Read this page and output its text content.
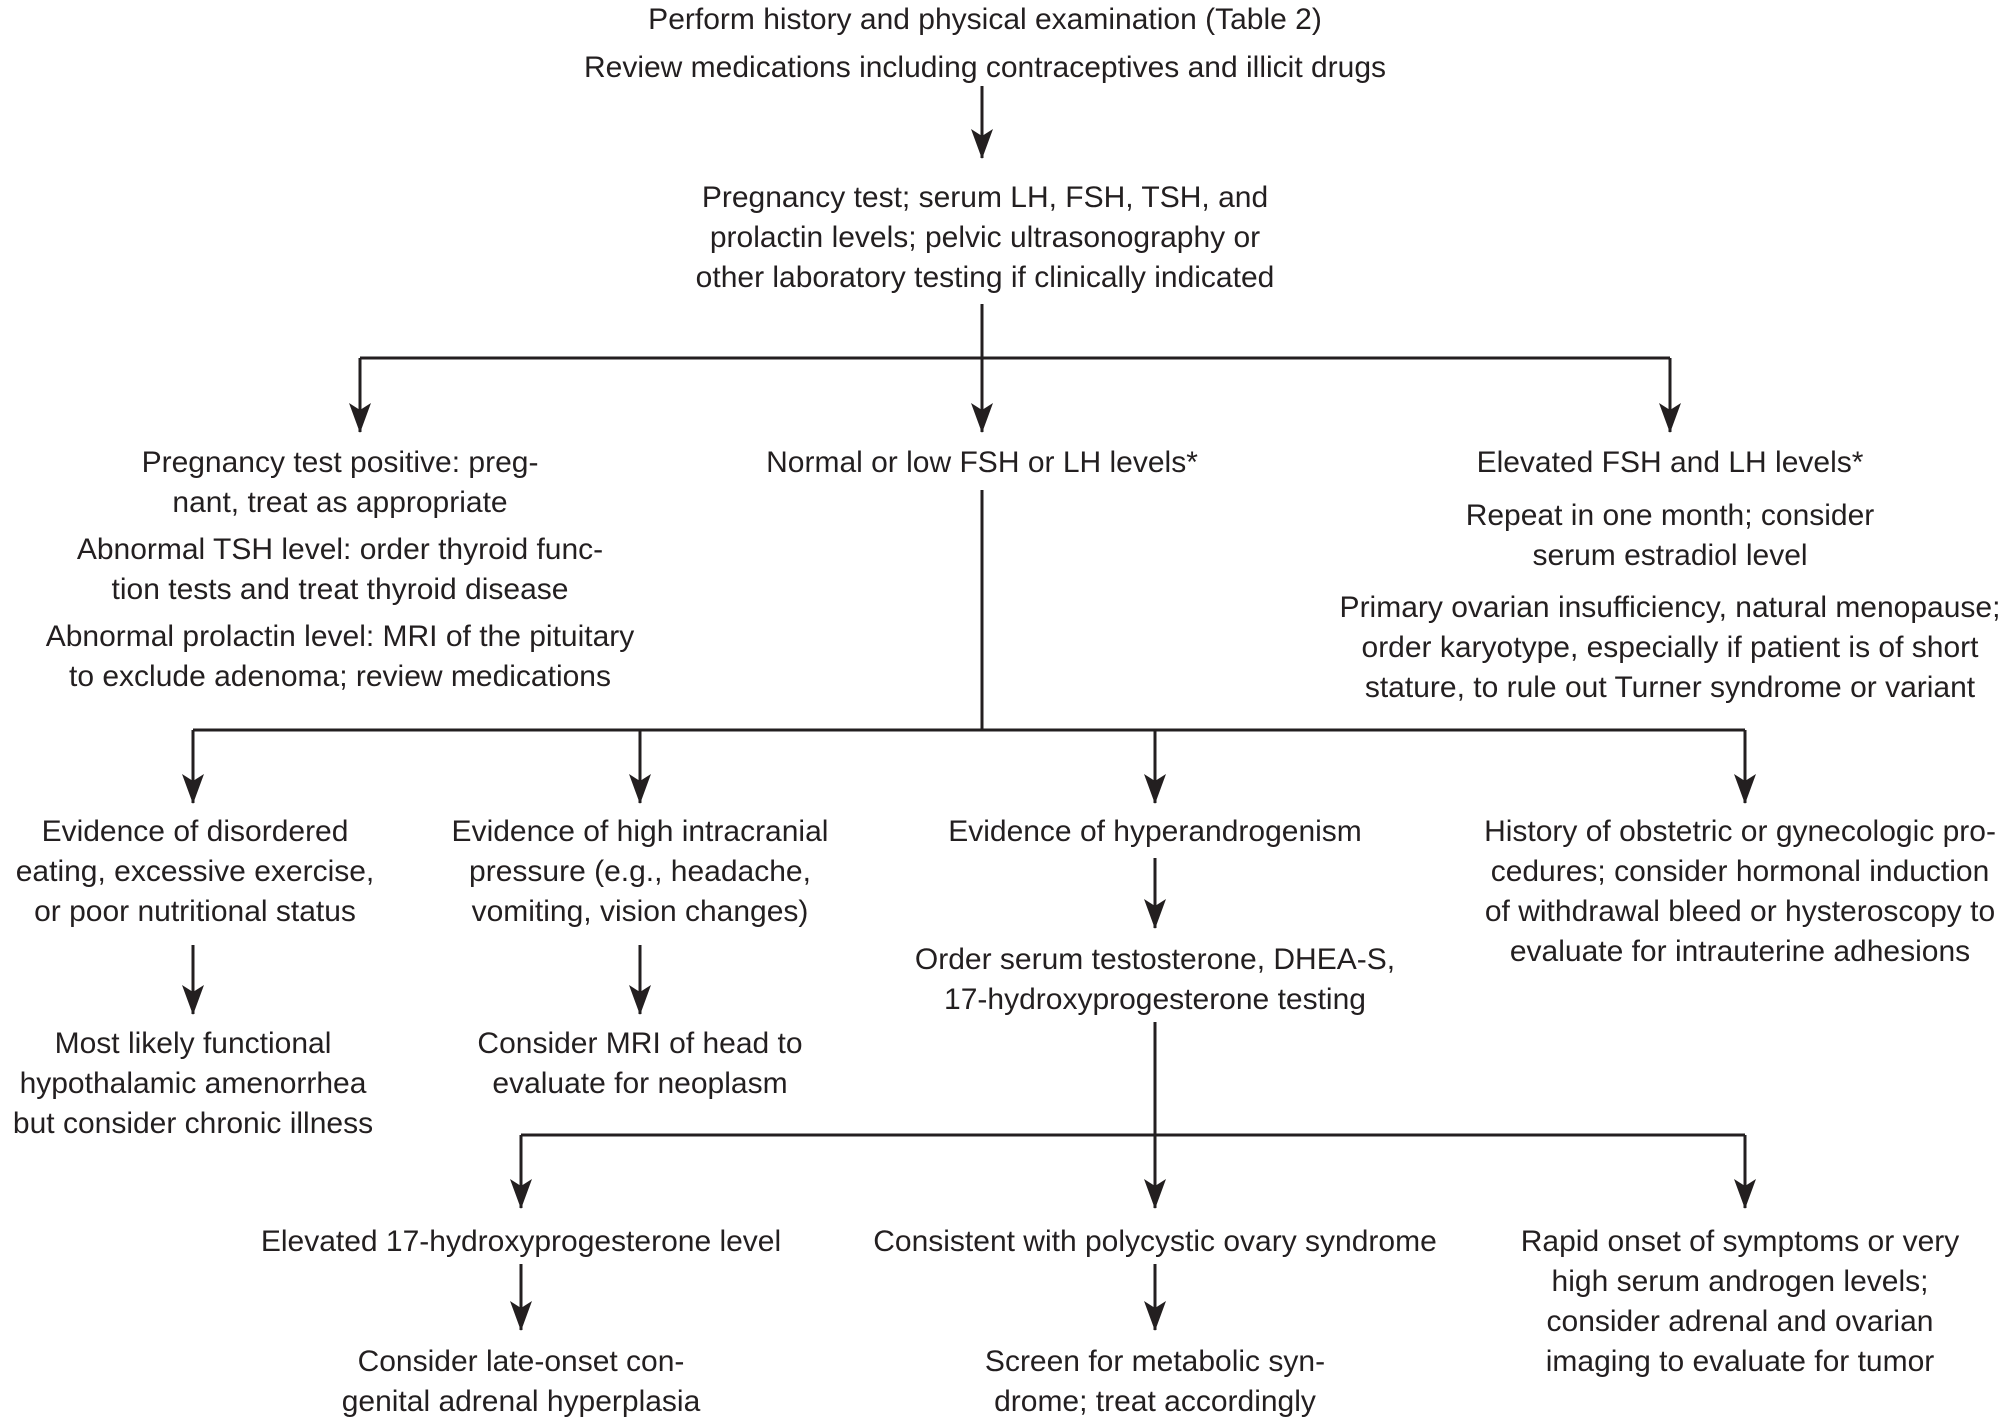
Perform history and physical examination (Table 2)
Review medications including contraceptives and illicit drugs
Pregnancy test; serum LH, FSH, TSH, and
prolactin levels; pelvic ultrasonography or
other laboratory testing if clinically indicated
Pregnancy test positive: preg-
nant, treat as appropriate
Abnormal TSH level: order thyroid func-
tion tests and treat thyroid disease
Abnormal prolactin level: MRI of the pituitary
to exclude adenoma; review medications
Normal or low FSH or LH levels*	Elevated FSH and LH levels*
Repeat in one month; consider
serum estradiol level
Primary ovarian insufficiency, natural menopause;
order karyotype, especially if patient is of short
stature, to rule out Turner syndrome or variant
Evidence of disordered
eating, excessive exercise,
or poor nutritional status
Evidence of high intracranial
pressure (e.g., headache,
vomiting, vision changes)
Evidence of hyperandrogenism	History of obstetric or gynecologic pro-
cedures; consider hormonal induction
of withdrawal bleed or hysteroscopy to
evaluate for intrauterine adhesions
Most likely functional
hypothalamic amenorrhea
but consider chronic illness
Consider MRI of head to
evaluate for neoplasm
Order serum testosterone, DHEA-S,
17-hydroxyprogesterone testing
Elevated 17-hydroxyprogesterone level	Consistent with polycystic ovary syndrome	Rapid onset of symptoms or very
high serum androgen levels;
consider adrenal and ovarian
imaging to evaluate for tumor
Consider late-onset con-
genital adrenal hyperplasia
Screen for metabolic syn-
drome; treat accordingly
